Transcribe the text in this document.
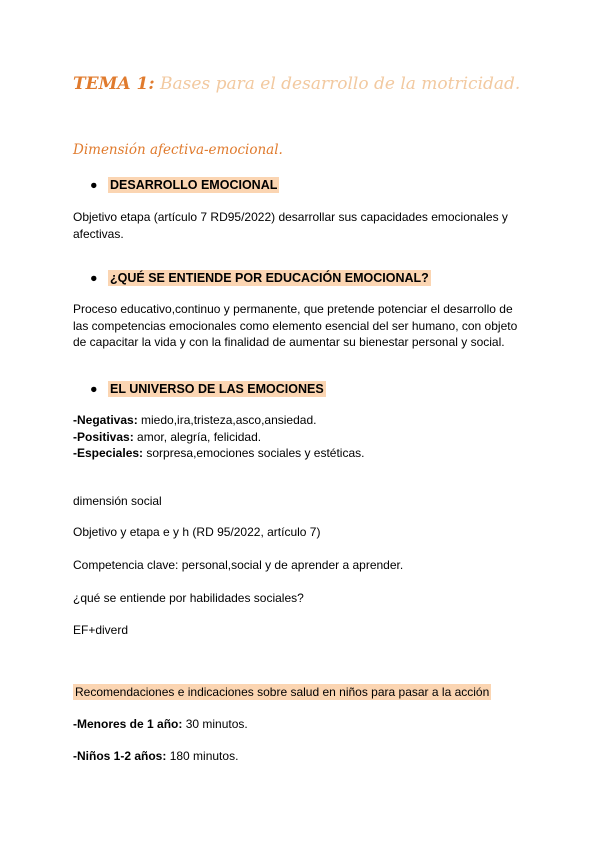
TEMA 1: Bases para el desarrollo de la motricidad.
Dimensión afectiva-emocional.
● DESARROLLO EMOCIONAL
Objetivo etapa (artículo 7 RD95/2022) desarrollar sus capacidades emocionales y afectivas.
● ¿QUÉ SE ENTIENDE POR EDUCACIÓN EMOCIONAL?
Proceso educativo,continuo y permanente, que pretende potenciar el desarrollo de las competencias emocionales como elemento esencial del ser humano, con objeto de capacitar la vida y con la finalidad de aumentar su bienestar personal y social.
● EL UNIVERSO DE LAS EMOCIONES
-Negativas: miedo,ira,tristeza,asco,ansiedad.
-Positivas: amor, alegría, felicidad.
-Especiales: sorpresa,emociones sociales y estéticas.
dimensión social
Objetivo y etapa e y h (RD 95/2022, artículo 7)
Competencia clave: personal,social y de aprender a aprender.
¿qué se entiende por habilidades sociales?
EF+diverd
Recomendaciones e indicaciones sobre salud en niños para pasar a la acción
-Menores de 1 año: 30 minutos.
-Niños 1-2 años: 180 minutos.
